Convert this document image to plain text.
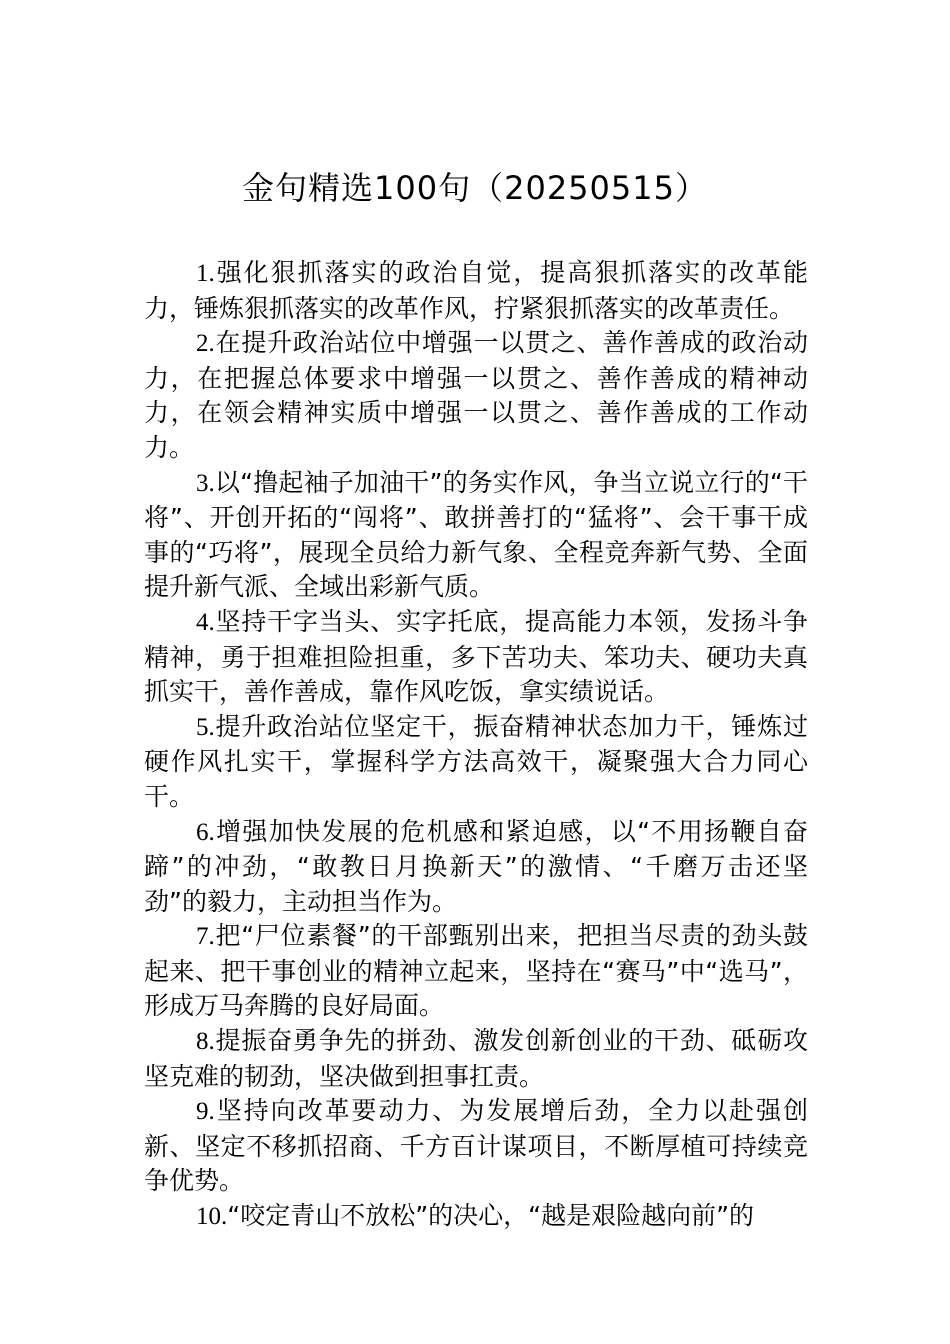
金句精选100句（20250515）

1.强化狠抓落实的政治自觉，提高狠抓落实的改革能力，锤炼狠抓落实的改革作风，拧紧狠抓落实的改革责任。

2.在提升政治站位中增强一以贯之、善作善成的政治动力，在把握总体要求中增强一以贯之、善作善成的精神动力，在领会精神实质中增强一以贯之、善作善成的工作动力。

3.以“撸起袖子加油干”的务实作风，争当立说立行的“干将”、开创开拓的“闯将”、敢拼善打的“猛将”、会干事干成事的“巧将”，展现全员给力新气象、全程竞奔新气势、全面提升新气派、全域出彩新气质。

4.坚持干字当头、实字托底，提高能力本领，发扬斗争精神，勇于担难担险担重，多下苦功夫、笨功夫、硬功夫真抓实干，善作善成，靠作风吃饭，拿实绩说话。

5.提升政治站位坚定干，振奋精神状态加力干，锤炼过硬作风扎实干，掌握科学方法高效干，凝聚强大合力同心干。

6.增强加快发展的危机感和紧迫感，以“不用扬鞭自奋蹄”的冲劲，“敢教日月换新天”的激情、“千磨万击还坚劲”的毅力，主动担当作为。

7.把“尸位素餐”的干部甄别出来，把担当尽责的劲头鼓起来、把干事创业的精神立起来，坚持在“赛马”中“选马”，形成万马奔腾的良好局面。

8.提振奋勇争先的拼劲、激发创新创业的干劲、砥砺攻坚克难的韧劲，坚决做到担事扛责。

9.坚持向改革要动力、为发展增后劲，全力以赴强创新、坚定不移抓招商、千方百计谋项目，不断厚植可持续竞争优势。

10.“咬定青山不放松”的决心，“越是艰险越向前”的
